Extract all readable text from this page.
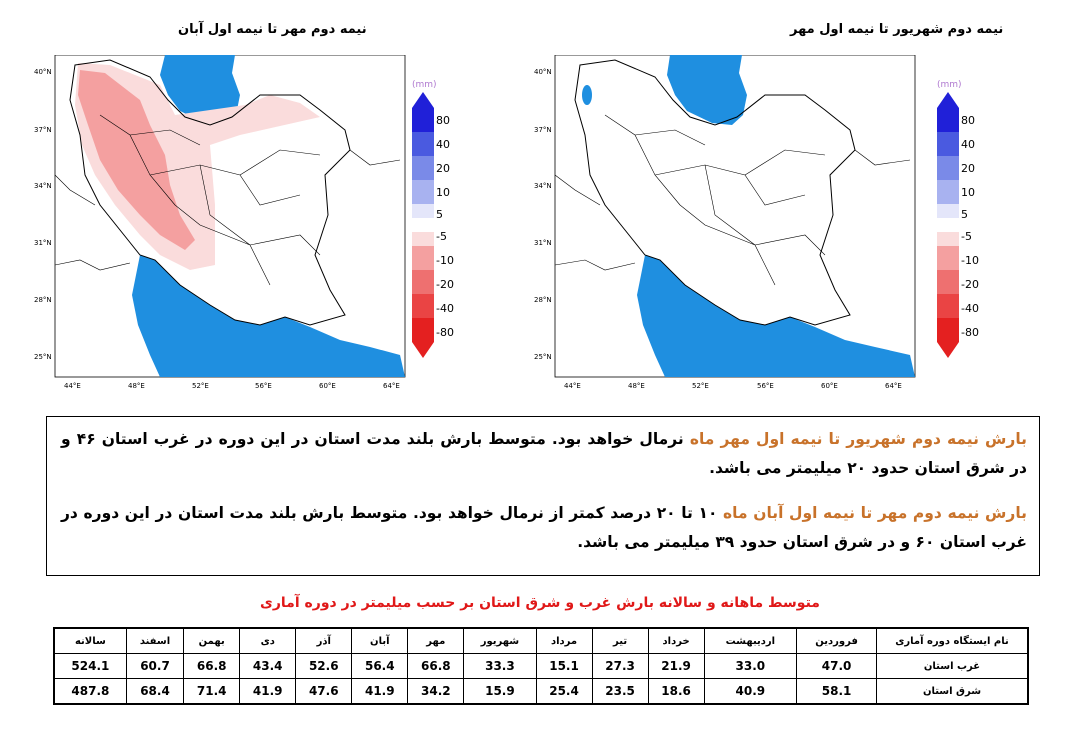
نیمه دوم مهر تا نیمه اول آبان
40°N
37°N
34°N
31°N
28°N
25°N
44°E	48°E	52°E	56°E	60°E	64°E
(mm)
80
40
20
10
5
-5
-10
-20
-40
-80
نیمه دوم شهریور تا نیمه اول مهر
40°N
37°N
34°N
31°N
28°N
25°N
44°E	48°E	52°E	56°E	60°E	64°E
(mm)
80
40
20
10
5
-5
-10
-20
-40
-80

بارش نیمه دوم شهریور تا نیمه اول مهر ماه نرمال خواهد بود. متوسط بارش بلند مدت استان در این دوره در غرب استان ۴۶ و در شرق استان حدود ۲۰ میلیمتر می باشد.

بارش نیمه دوم مهر تا نیمه اول آبان ماه ۱۰ تا ۲۰ درصد کمتر از نرمال خواهد بود. متوسط بارش بلند مدت استان در این دوره در غرب استان ۶۰ و در شرق استان حدود ۳۹ میلیمتر می باشد.

متوسط ماهانه و سالانه بارش غرب و شرق استان بر حسب میلیمتر در دوره آماری
نام ایستگاه دوره آماری	فروردین	اردیبهشت	خرداد	تیر	مرداد	شهریور	مهر	آبان	آذر	دی	بهمن	اسفند	سالانه
غرب استان	47.0	33.0	21.9	27.3	15.1	33.3	66.8	56.4	52.6	43.4	66.8	60.7	524.1
شرق استان	58.1	40.9	18.6	23.5	25.4	15.9	34.2	41.9	47.6	41.9	71.4	68.4	487.8
